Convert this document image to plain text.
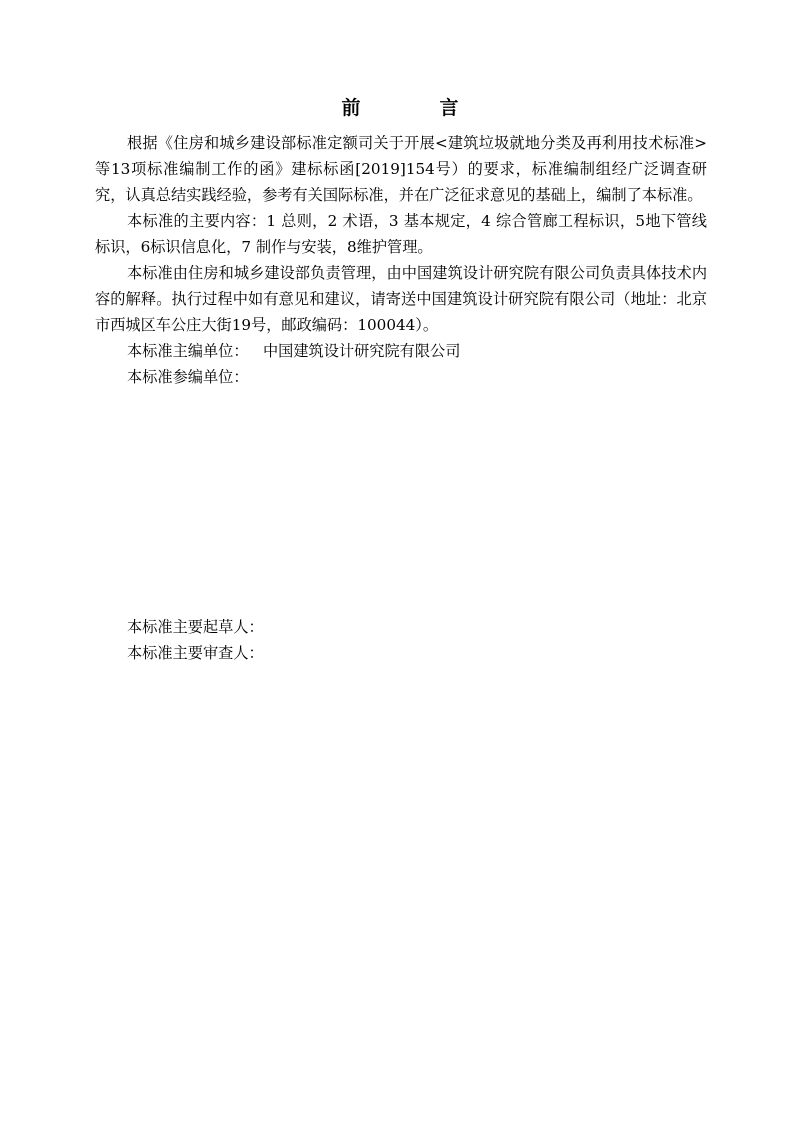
前　言

根据《住房和城乡建设部标准定额司关于开展<建筑垃圾就地分类及再利用技术标准>等13项标准编制工作的函》建标标函[2019]154号）的要求，标准编制组经广泛调查研究，认真总结实践经验，参考有关国际标准，并在广泛征求意见的基础上，编制了本标准。

本标准的主要内容：1 总则，2 术语，3 基本规定，4 综合管廊工程标识，5地下管线标识，6标识信息化，7 制作与安装，8维护管理。

本标准由住房和城乡建设部负责管理，由中国建筑设计研究院有限公司负责具体技术内容的解释。执行过程中如有意见和建议，请寄送中国建筑设计研究院有限公司（地址：北京市西城区车公庄大街19号，邮政编码：100044）。

本标准主编单位： 中国建筑设计研究院有限公司

本标准参编单位：

本标准主要起草人：
本标准主要审查人：
